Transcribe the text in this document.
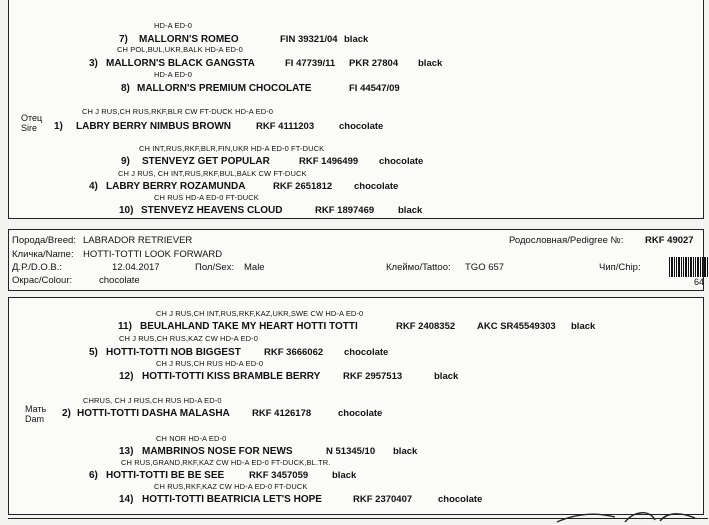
HD-A ED-0
7) MALLORN'S ROMEO	FIN 39321/04 black
CH POL,BUL,UKR,BALK HD-A ED-0
3) MALLORN'S BLACK GANGSTA	FI 47739/11 PKR 27804 black
HD-A ED-0
8) MALLORN'S PREMIUM CHOCOLATE	FI 44547/09
Отец
Sire
CH J RUS,CH RUS,RKF,BLR CW FT-DUCK HD-A ED-0
1) LABRY BERRY NIMBUS BROWN	RKF 4111203	chocolate
CH INT,RUS,RKF,BLR,FIN,UKR HD-A ED-0 FT-DUCK
9) STENVEYZ GET POPULAR	RKF 1496499 chocolate
CH J RUS, CH INT,RUS,RKF,BUL,BALK CW FT-DUCK
4) LABRY BERRY ROZAMUNDA	RKF 2651812 chocolate
CH RUS HD-A ED-0 FT-DUCK
10) STENVEYZ HEAVENS CLOUD	RKF 1897469	black
Порода/Breed: LABRADOR RETRIEVER	Родословная/Pedigree №: RKF 49027
Кличка/Name: HOTTI-TOTTI LOOK FORWARD
Д.Р./D.O.B.:	12.04.2017	Пол/Sex: Male	Клеймо/Tattoo: TGO 657	Чип/Chip:
Окрас/Colour:	chocolate	64
CH J RUS,CH INT,RUS,RKF,KAZ,UKR,SWE CW HD-A ED-0
11) BEULAHLAND TAKE MY HEART HOTTI TOTTI	RKF 2408352 AKC SR45549303 black
CH J RUS,CH RUS,KAZ CW HD-A ED-0
5) HOTTI-TOTTI NOB BIGGEST RKF 3666062 chocolate
CH J RUS,CH RUS HD-A ED-0
12) HOTTI-TOTTI KISS BRAMBLE BERRY RKF 2957513	black
Мать
Dam
CHRUS, CH J RUS,CH RUS HD-A ED-0
2) HOTTI-TOTTI DASHA MALASHA RKF 4126178	chocolate
CH NOR HD-A ED-0
13) MAMBRINOS NOSE FOR NEWS	N 51345/10 black
CH RUS,GRAND,RKF,KAZ CW HD-A ED-0 FT-DUCK,BL.TR.
6) HOTTI-TOTTI BE BE SEE	RKF 3457059	black
CH RUS,RKF,KAZ CW HD-A ED-0 FT-DUCK
14) HOTTI-TOTTI BEATRICIA LET'S HOPE	RKF 2370407	chocolate
